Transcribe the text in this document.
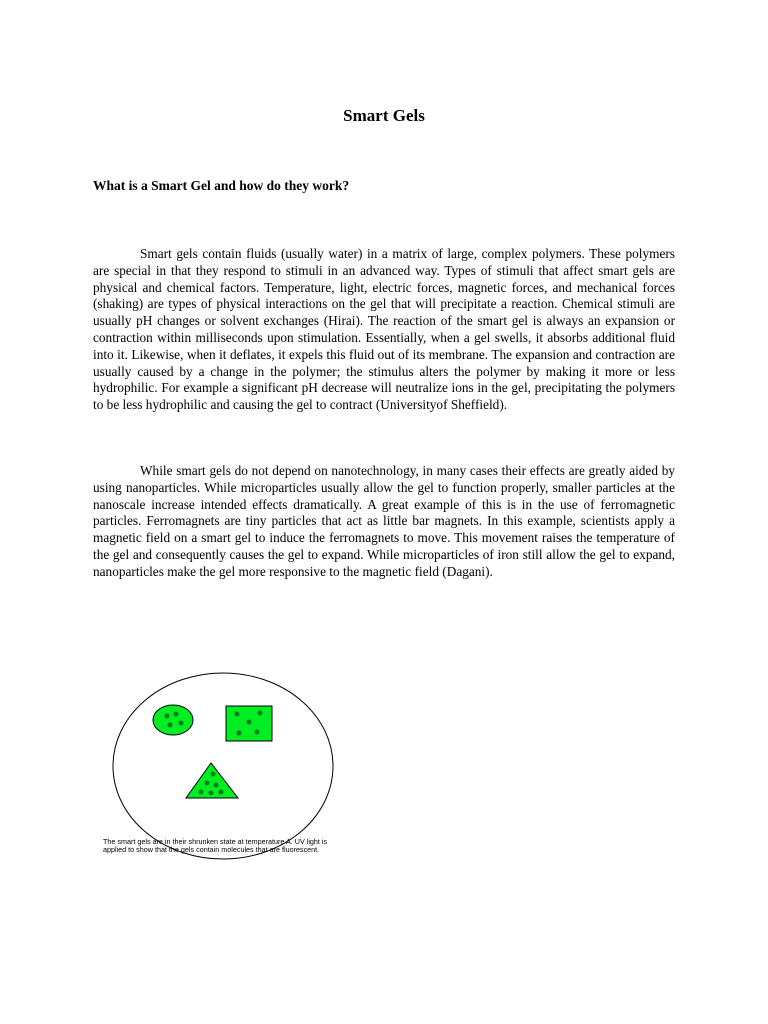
Smart Gels
What is a Smart Gel and how do they work?

Smart gels contain fluids (usually water) in a matrix of large, complex polymers. These polymers are special in that they respond to stimuli in an advanced way. Types of stimuli that affect smart gels are physical and chemical factors. Temperature, light, electric forces, magnetic forces, and mechanical forces (shaking) are types of physical interactions on the gel that will precipitate a reaction. Chemical stimuli are usually pH changes or solvent exchanges (Hirai). The reaction of the smart gel is always an expansion or contraction within milliseconds upon stimulation. Essentially, when a gel swells, it absorbs additional fluid into it. Likewise, when it deflates, it expels this fluid out of its membrane. The expansion and contraction are usually caused by a change in the polymer; the stimulus alters the polymer by making it more or less hydrophilic. For example a significant pH decrease will neutralize ions in the gel, precipitating the polymers to be less hydrophilic and causing the gel to contract (Universityof Sheffield).

While smart gels do not depend on nanotechnology, in many cases their effects are greatly aided by using nanoparticles. While microparticles usually allow the gel to function properly, smaller particles at the nanoscale increase intended effects dramatically. A great example of this is in the use of ferromagnetic particles. Ferromagnets are tiny particles that act as little bar magnets. In this example, scientists apply a magnetic field on a smart gel to induce the ferromagnets to move. This movement raises the temperature of the gel and consequently causes the gel to expand. While microparticles of iron still allow the gel to expand, nanoparticles make the gel more responsive to the magnetic field (Dagani).

The smart gels are in their shrunken state at temperature A. UV light is applied to show that the gels contain molecules that are fluorescent.
